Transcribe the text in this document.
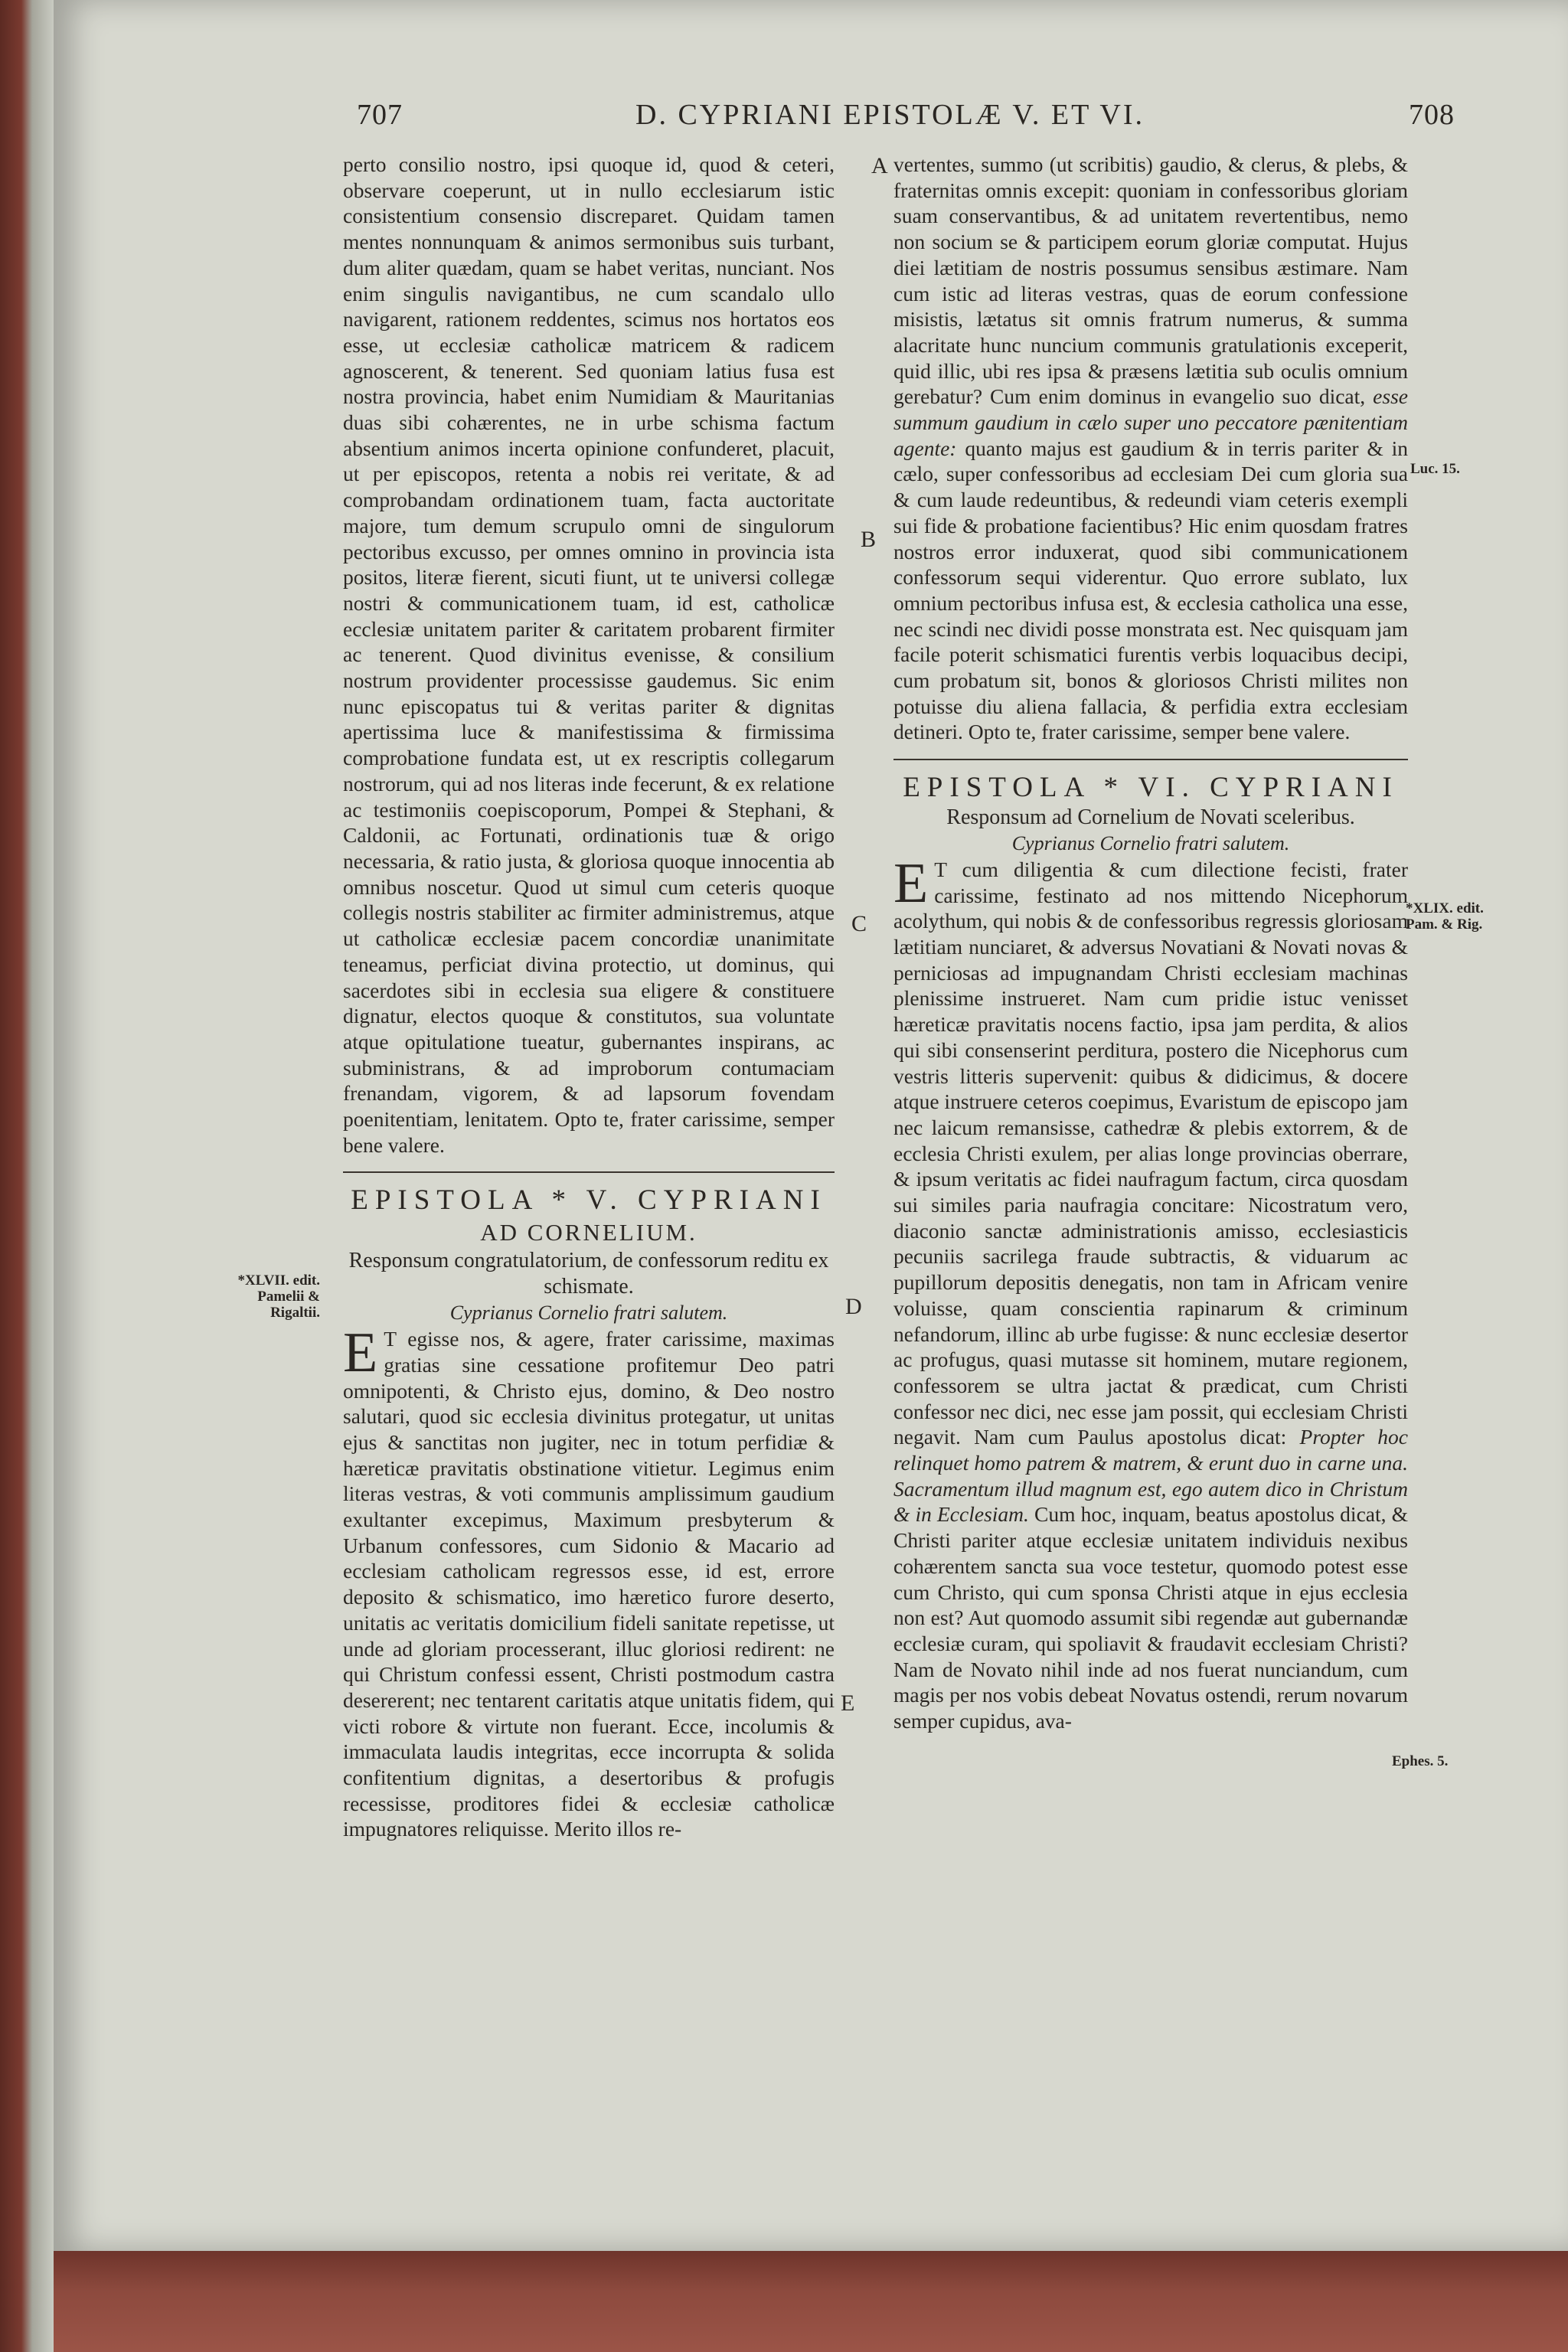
707	D. CYPRIANI EPISTOLÆ V. ET VI.	708
A
B
C
D
E
*XLVII. edit. Pamelii & Rigaltii.
*XLIX. edit. Pam. & Rig.
Luc. 15.
Ephes. 5.

perto consilio nostro, ipsi quoque id, quod & ceteri, observare coeperunt, ut in nullo ecclesiarum istic consistentium consensio discreparet. Quidam tamen mentes nonnunquam & animos sermonibus suis turbant, dum aliter quædam, quam se habet veritas, nunciant. Nos enim singulis navigantibus, ne cum scandalo ullo navigarent, rationem reddentes, scimus nos hortatos eos esse, ut ecclesiæ catholicæ matricem & radicem agnoscerent, & tenerent. Sed quoniam latius fusa est nostra provincia, habet enim Numidiam & Mauritanias duas sibi cohærentes, ne in urbe schisma factum absentium animos incerta opinione confunderet, placuit, ut per episcopos, retenta a nobis rei veritate, & ad comprobandam ordinationem tuam, facta auctoritate majore, tum demum scrupulo omni de singulorum pectoribus excusso, per omnes omnino in provincia ista positos, literæ fierent, sicuti fiunt, ut te universi collegæ nostri & communicationem tuam, id est, catholicæ ecclesiæ unitatem pariter & caritatem probarent firmiter ac tenerent. Quod divinitus evenisse, & consilium nostrum providenter processisse gaudemus. Sic enim nunc episcopatus tui & veritas pariter & dignitas apertissima luce & manifestissima & firmissima comprobatione fundata est, ut ex rescriptis collegarum nostrorum, qui ad nos literas inde fecerunt, & ex relatione ac testimoniis coepiscoporum, Pompei & Stephani, & Caldonii, ac Fortunati, ordinationis tuæ & origo necessaria, & ratio justa, & gloriosa quoque innocentia ab omnibus noscetur. Quod ut simul cum ceteris quoque collegis nostris stabiliter ac firmiter administremus, atque ut catholicæ ecclesiæ pacem concordiæ unanimitate teneamus, perficiat divina protectio, ut dominus, qui sacerdotes sibi in ecclesia sua eligere & constituere dignatur, electos quoque & constitutos, sua voluntate atque opitulatione tueatur, gubernantes inspirans, ac subministrans, & ad improborum contumaciam frenandam, vigorem, & ad lapsorum fovendam poenitentiam, lenitatem. Opto te, frater carissime, semper bene valere.

EPISTOLA * V. CYPRIANI

AD CORNELIUM.

Responsum congratulatorium, de confessorum reditu ex schismate.

Cyprianus Cornelio fratri salutem.

E T egisse nos, & agere, frater carissime, maximas gratias sine cessatione profitemur Deo patri omnipotenti, & Christo ejus, domino, & Deo nostro salutari, quod sic ecclesia divinitus protegatur, ut unitas ejus & sanctitas non jugiter, nec in totum perfidiæ & hæreticæ pravitatis obstinatione vitietur. Legimus enim literas vestras, & voti communis amplissimum gaudium exultanter excepimus, Maximum presbyterum & Urbanum confessores, cum Sidonio & Macario ad ecclesiam catholicam regressos esse, id est, errore deposito & schismatico, imo hæretico furore deserto, unitatis ac veritatis domicilium fideli sanitate repetisse, ut unde ad gloriam processerant, illuc gloriosi redirent: ne qui Christum confessi essent, Christi postmodum castra desererent; nec tentarent caritatis atque unitatis fidem, qui victi robore & virtute non fuerant. Ecce, incolumis & immaculata laudis integritas, ecce incorrupta & solida confitentium dignitas, a desertoribus & profugis recessisse, proditores fidei & ecclesiæ catholicæ impugnatores reliquisse. Merito illos re-

vertentes, summo (ut scribitis) gaudio, & clerus, & plebs, & fraternitas omnis excepit: quoniam in confessoribus gloriam suam conservantibus, & ad unitatem revertentibus, nemo non socium se & participem eorum gloriæ computat. Hujus diei lætitiam de nostris possumus sensibus æstimare. Nam cum istic ad literas vestras, quas de eorum confessione misistis, lætatus sit omnis fratrum numerus, & summa alacritate hunc nuncium communis gratulationis exceperit, quid illic, ubi res ipsa & præsens lætitia sub oculis omnium gerebatur? Cum enim dominus in evangelio suo dicat, esse summum gaudium in cælo super uno peccatore pænitentiam agente: quanto majus est gaudium & in terris pariter & in cælo, super confessoribus ad ecclesiam Dei cum gloria sua & cum laude redeuntibus, & redeundi viam ceteris exempli sui fide & probatione facientibus? Hic enim quosdam fratres nostros error induxerat, quod sibi communicationem confessorum sequi viderentur. Quo errore sublato, lux omnium pectoribus infusa est, & ecclesia catholica una esse, nec scindi nec dividi posse monstrata est. Nec quisquam jam facile poterit schismatici furentis verbis loquacibus decipi, cum probatum sit, bonos & gloriosos Christi milites non potuisse diu aliena fallacia, & perfidia extra ecclesiam detineri. Opto te, frater carissime, semper bene valere.

EPISTOLA * VI. CYPRIANI

Responsum ad Cornelium de Novati sceleribus.

Cyprianus Cornelio fratri salutem.

E T cum diligentia & cum dilectione fecisti, frater carissime, festinato ad nos mittendo Nicephorum acolythum, qui nobis & de confessoribus regressis gloriosam lætitiam nunciaret, & adversus Novatiani & Novati novas & perniciosas ad impugnandam Christi ecclesiam machinas plenissime instrueret. Nam cum pridie istuc venisset hæreticæ pravitatis nocens factio, ipsa jam perdita, & alios qui sibi consenserint perditura, postero die Nicephorus cum vestris litteris supervenit: quibus & didicimus, & docere atque instruere ceteros coepimus, Evaristum de episcopo jam nec laicum remansisse, cathedræ & plebis extorrem, & de ecclesia Christi exulem, per alias longe provincias oberrare, & ipsum veritatis ac fidei naufragum factum, circa quosdam sui similes paria naufragia concitare: Nicostratum vero, diaconio sanctæ administrationis amisso, ecclesiasticis pecuniis sacrilega fraude subtractis, & viduarum ac pupillorum depositis denegatis, non tam in Africam venire voluisse, quam conscientia rapinarum & criminum nefandorum, illinc ab urbe fugisse: & nunc ecclesiæ desertor ac profugus, quasi mutasse sit hominem, mutare regionem, confessorem se ultra jactat & prædicat, cum Christi confessor nec dici, nec esse jam possit, qui ecclesiam Christi negavit. Nam cum Paulus apostolus dicat: Propter hoc relinquet homo patrem & matrem, & erunt duo in carne una. Sacramentum illud magnum est, ego autem dico in Christum & in Ecclesiam. Cum hoc, inquam, beatus apostolus dicat, & Christi pariter atque ecclesiæ unitatem individuis nexibus cohærentem sancta sua voce testetur, quomodo potest esse cum Christo, qui cum sponsa Christi atque in ejus ecclesia non est? Aut quomodo assumit sibi regendæ aut gubernandæ ecclesiæ curam, qui spoliavit & fraudavit ecclesiam Christi? Nam de Novato nihil inde ad nos fuerat nunciandum, cum magis per nos vobis debeat Novatus ostendi, rerum novarum semper cupidus, ava-
